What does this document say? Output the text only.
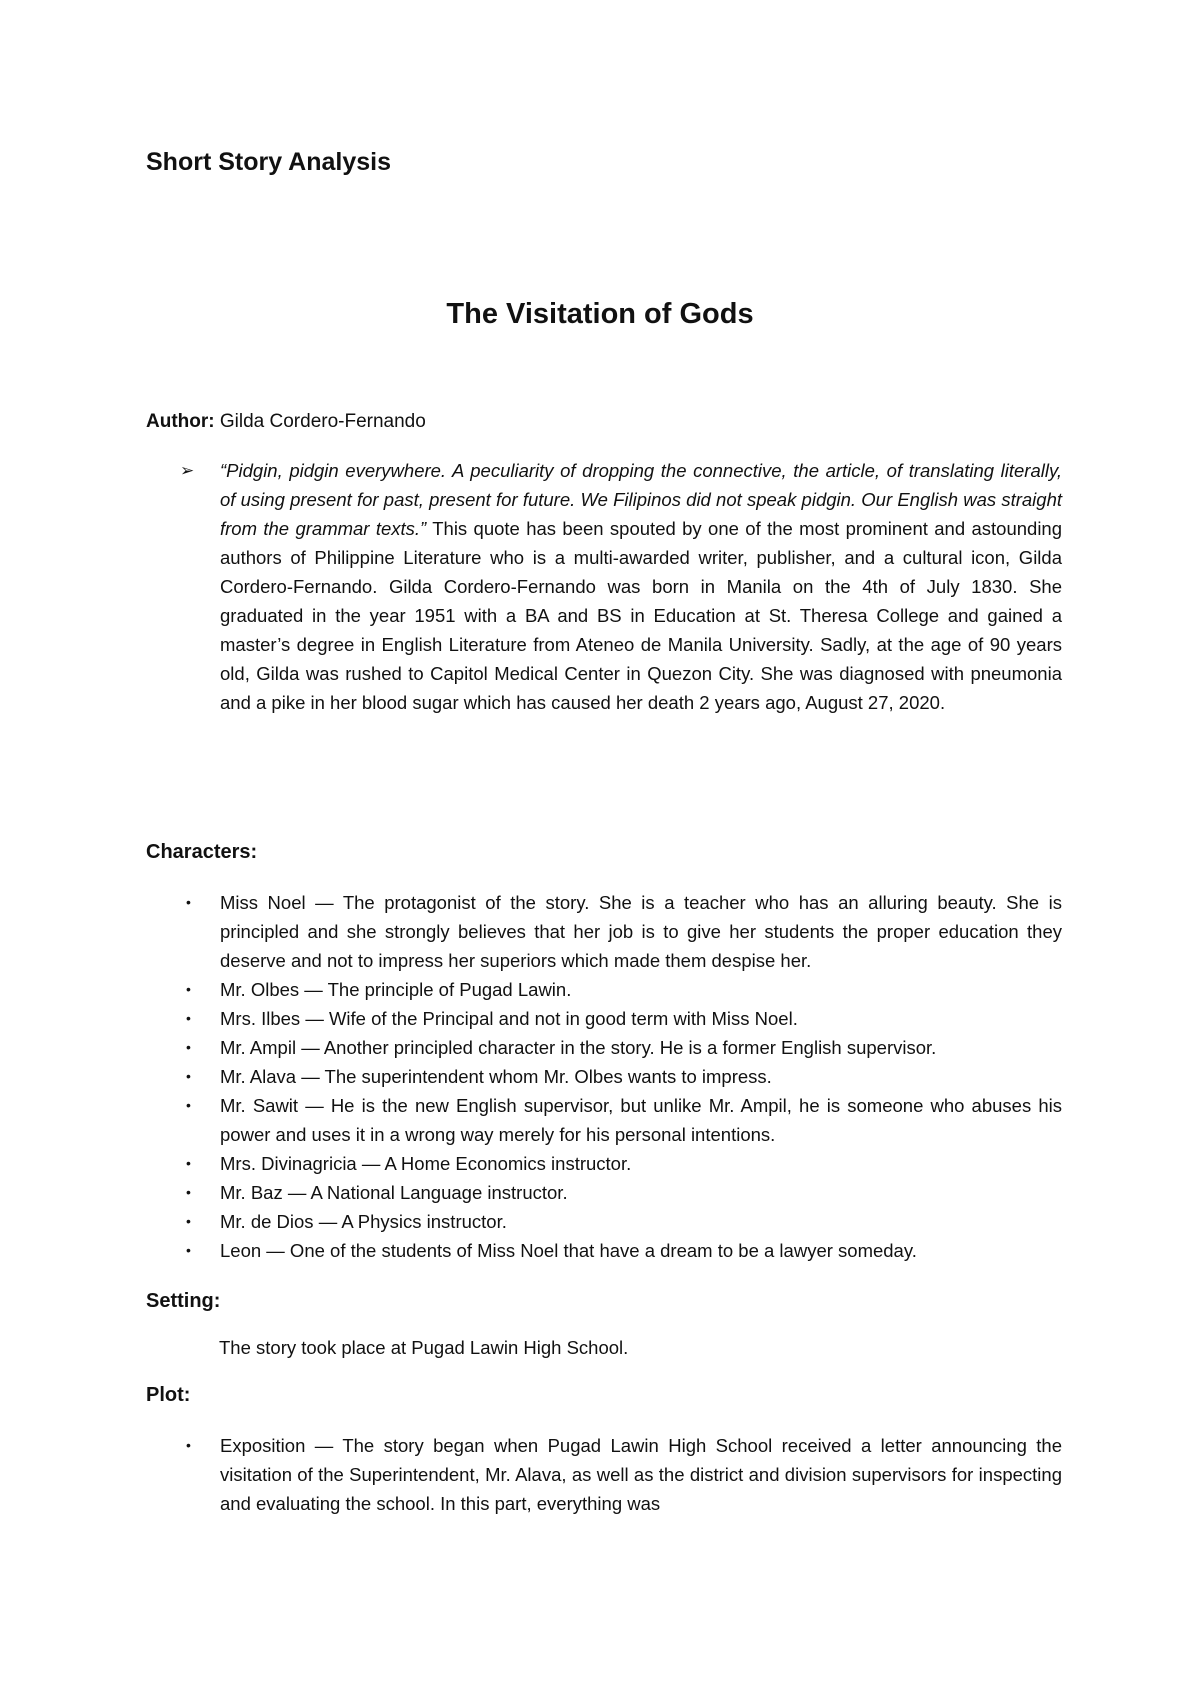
Short Story Analysis
The Visitation of Gods

Author: Gilda Cordero-Fernando

➢ “Pidgin, pidgin everywhere. A peculiarity of dropping the connective, the article, of translating literally, of using present for past, present for future. We Filipinos did not speak pidgin. Our English was straight from the grammar texts.” This quote has been spouted by one of the most prominent and astounding authors of Philippine Literature who is a multi-awarded writer, publisher, and a cultural icon, Gilda Cordero-Fernando. Gilda Cordero-Fernando was born in Manila on the 4th of July 1830. She graduated in the year 1951 with a BA and BS in Education at St. Theresa College and gained a master’s degree in English Literature from Ateneo de Manila University. Sadly, at the age of 90 years old, Gilda was rushed to Capitol Medical Center in Quezon City. She was diagnosed with pneumonia and a pike in her blood sugar which has caused her death 2 years ago, August 27, 2020.
Characters:
• Miss Noel — The protagonist of the story. She is a teacher who has an alluring beauty. She is principled and she strongly believes that her job is to give her students the proper education they deserve and not to impress her superiors which made them despise her.
• Mr. Olbes — The principle of Pugad Lawin.
• Mrs. Ilbes — Wife of the Principal and not in good term with Miss Noel.
• Mr. Ampil — Another principled character in the story. He is a former English supervisor.
• Mr. Alava — The superintendent whom Mr. Olbes wants to impress.
• Mr. Sawit — He is the new English supervisor, but unlike Mr. Ampil, he is someone who abuses his power and uses it in a wrong way merely for his personal intentions.
• Mrs. Divinagricia — A Home Economics instructor.
• Mr. Baz — A National Language instructor.
• Mr. de Dios — A Physics instructor.
• Leon — One of the students of Miss Noel that have a dream to be a lawyer someday.
Setting:

The story took place at Pugad Lawin High School.

Plot:
• Exposition — The story began when Pugad Lawin High School received a letter announcing the visitation of the Superintendent, Mr. Alava, as well as the district and division supervisors for inspecting and evaluating the school. In this part, everything was
